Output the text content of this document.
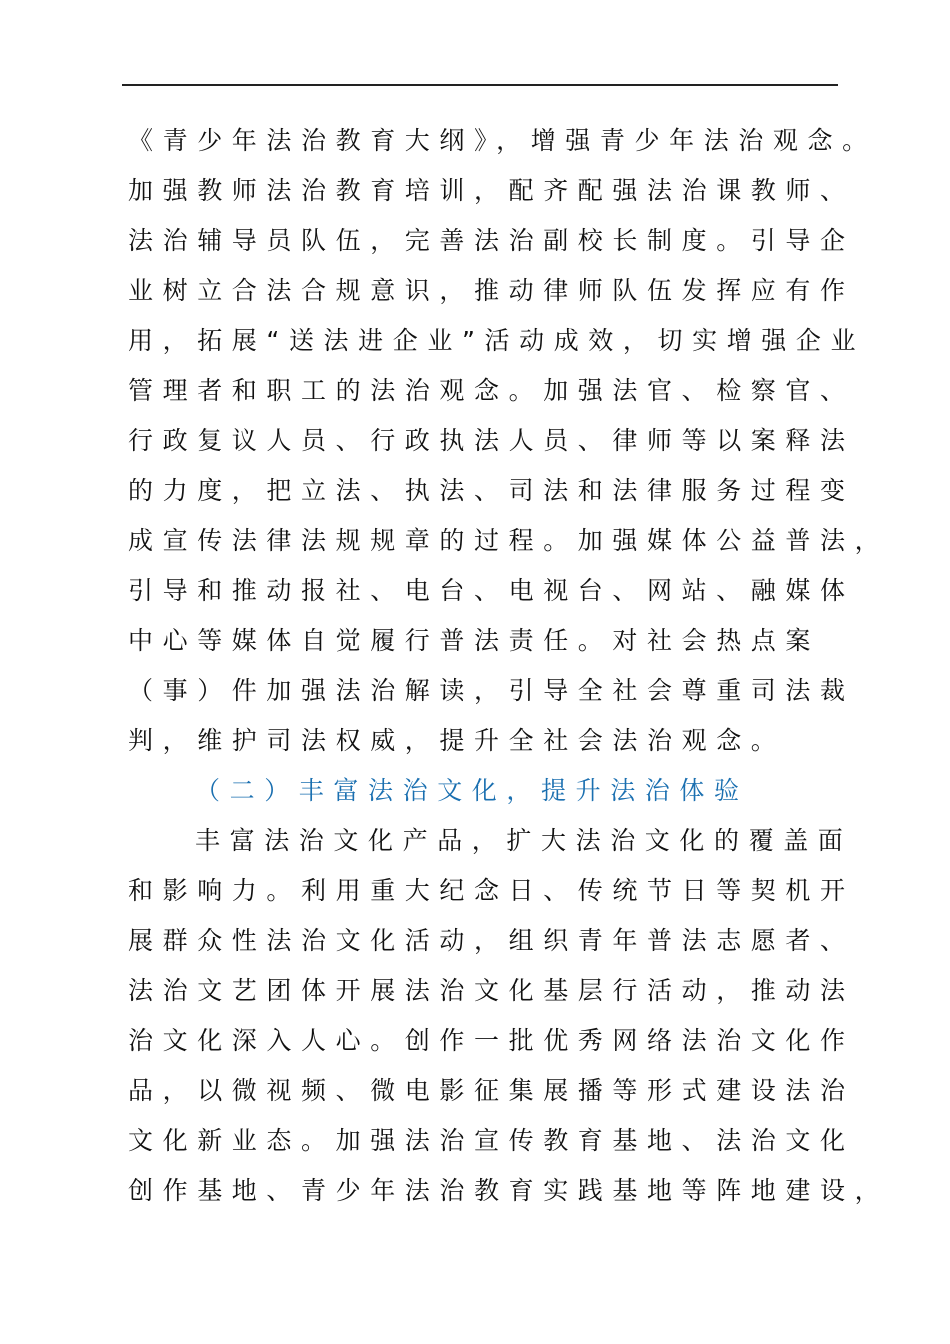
《青少年法治教育大纲》，增强青少年法治观念。
加强教师法治教育培训，配齐配强法治课教师、
法治辅导员队伍，完善法治副校长制度。引导企
业树立合法合规意识，推动律师队伍发挥应有作
用，拓展“送法进企业”活动成效，切实增强企业
管理者和职工的法治观念。加强法官、检察官、
行政复议人员、行政执法人员、律师等以案释法
的力度，把立法、执法、司法和法律服务过程变
成宣传法律法规规章的过程。加强媒体公益普法，
引导和推动报社、电台、电视台、网站、融媒体
中心等媒体自觉履行普法责任。对社会热点案
（事）件加强法治解读，引导全社会尊重司法裁
判，维护司法权威，提升全社会法治观念。
（二）丰富法治文化，提升法治体验
丰富法治文化产品，扩大法治文化的覆盖面
和影响力。利用重大纪念日、传统节日等契机开
展群众性法治文化活动，组织青年普法志愿者、
法治文艺团体开展法治文化基层行活动，推动法
治文化深入人心。创作一批优秀网络法治文化作
品，以微视频、微电影征集展播等形式建设法治
文化新业态。加强法治宣传教育基地、法治文化
创作基地、青少年法治教育实践基地等阵地建设，
